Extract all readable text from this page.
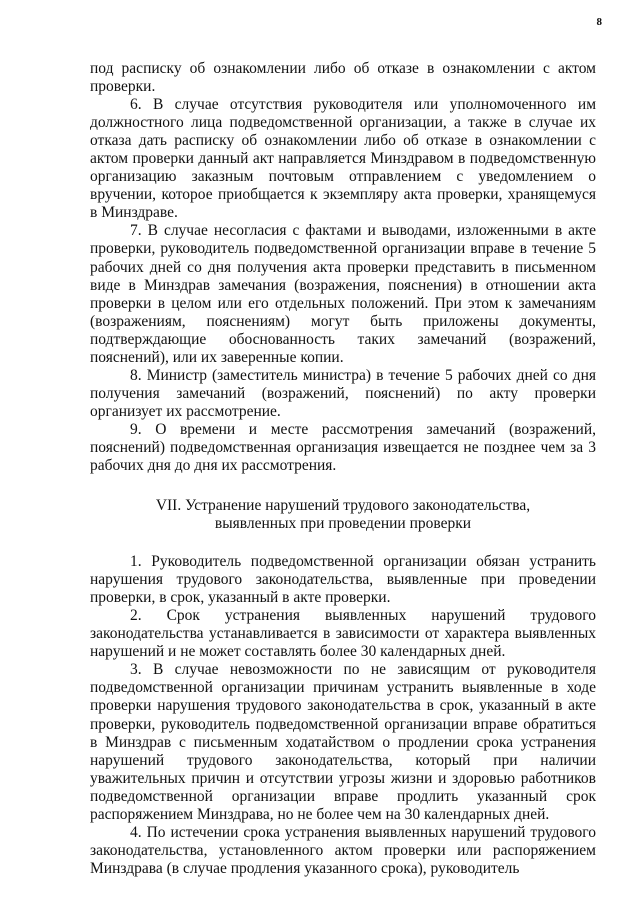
8

под расписку об ознакомлении либо об отказе в ознакомлении с актом проверки.

6. В случае отсутствия руководителя или уполномоченного им должностного лица подведомственной организации, а также в случае их отказа дать расписку об ознакомлении либо об отказе в ознакомлении с актом проверки данный акт направляется Минздравом в подведомственную организацию заказным почтовым отправлением с уведомлением о вручении, которое приобщается к экземпляру акта проверки, хранящемуся в Минздраве.

7. В случае несогласия с фактами и выводами, изложенными в акте проверки, руководитель подведомственной организации вправе в течение 5 рабочих дней со дня получения акта проверки представить в письменном виде в Минздрав замечания (возражения, пояснения) в отношении акта проверки в целом или его отдельных положений. При этом к замечаниям (возражениям, пояснениям) могут быть приложены документы, подтверждающие обоснованность таких замечаний (возражений, пояснений), или их заверенные копии.

8. Министр (заместитель министра) в течение 5 рабочих дней со дня получения замечаний (возражений, пояснений) по акту проверки организует их рассмотрение.

9. О времени и месте рассмотрения замечаний (возражений, пояснений) подведомственная организация извещается не позднее чем за 3 рабочих дня до дня их рассмотрения.

VII. Устранение нарушений трудового законодательства,
выявленных при проведении проверки

1. Руководитель подведомственной организации обязан устранить нарушения трудового законодательства, выявленные при проведении проверки, в срок, указанный в акте проверки.

2. Срок устранения выявленных нарушений трудового законодательства устанавливается в зависимости от характера выявленных нарушений и не может составлять более 30 календарных дней.

3. В случае невозможности по не зависящим от руководителя подведомственной организации причинам устранить выявленные в ходе проверки нарушения трудового законодательства в срок, указанный в акте проверки, руководитель подведомственной организации вправе обратиться в Минздрав с письменным ходатайством о продлении срока устранения нарушений трудового законодательства, который при наличии уважительных причин и отсутствии угрозы жизни и здоровью работников подведомственной организации вправе продлить указанный срок распоряжением Минздрава, но не более чем на 30 календарных дней.

4. По истечении срока устранения выявленных нарушений трудового законодательства, установленного актом проверки или распоряжением Минздрава (в случае продления указанного срока), руководитель
